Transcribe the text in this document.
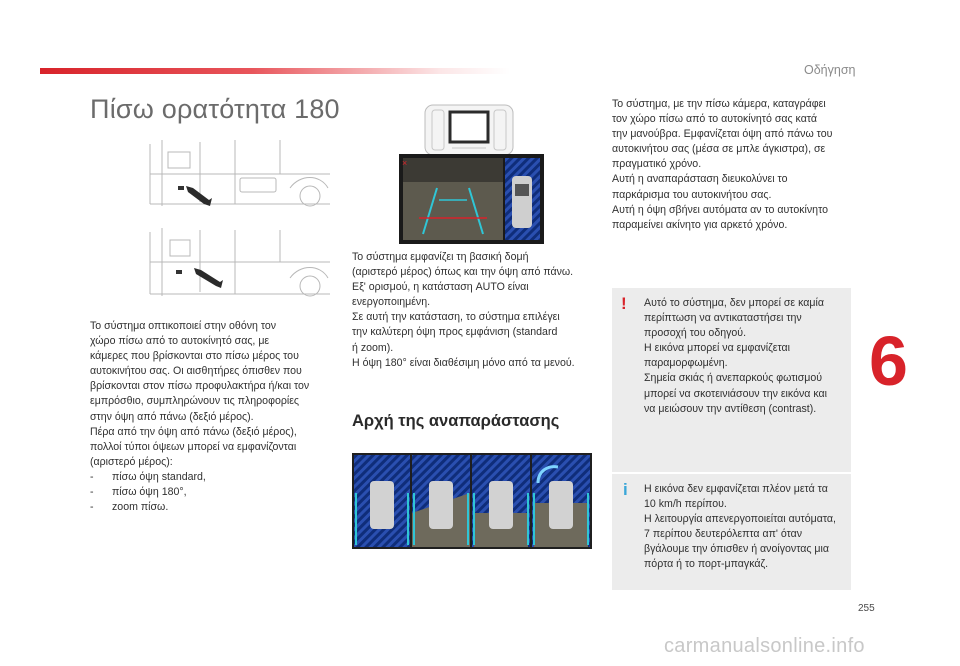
Οδήγηση
Πίσω ορατότητα 180
Το σύστημα οπτικοποιεί στην οθόνη τον
χώρο πίσω από το αυτοκίνητό σας, με
κάμερες που βρίσκονται στο πίσω μέρος του
αυτοκινήτου σας. Οι αισθητήρες όπισθεν που
βρίσκονται στον πίσω προφυλακτήρα ή/και τον
εμπρόσθιο, συμπληρώνουν τις πληροφορίες
στην όψη από πάνω (δεξιό μέρος).
Πέρα από την όψη από πάνω (δεξιό μέρος),
πολλοί τύποι όψεων μπορεί να εμφανίζονται
(αριστερό μέρος):
-	πίσω όψη standard,
-	πίσω όψη 180°,
-	zoom πίσω.
×
Το σύστημα εμφανίζει τη βασική δομή
(αριστερό μέρος) όπως και την όψη από πάνω.
Εξ' ορισμού, η κατάσταση AUTO είναι
ενεργοποιημένη.
Σε αυτή την κατάσταση, το σύστημα επιλέγει
την καλύτερη όψη προς εμφάνιση (standard
ή zoom).
Η όψη 180° είναι διαθέσιμη μόνο από τα μενού.
Αρχή της αναπαράστασης
Το σύστημα, με την πίσω κάμερα, καταγράφει
τον χώρο πίσω από το αυτοκίνητό σας κατά
την μανούβρα. Εμφανίζεται όψη από πάνω του
αυτοκινήτου σας (μέσα σε μπλε άγκιστρα), σε
πραγματικό χρόνο.
Αυτή η αναπαράσταση διευκολύνει το
παρκάρισμα του αυτοκινήτου σας.
Αυτή η όψη σβήνει αυτόματα αν το αυτοκίνητο
παραμείνει ακίνητο για αρκετό χρόνο.
! Αυτό το σύστημα, δεν μπορεί σε καμία
περίπτωση να αντικαταστήσει την
προσοχή του οδηγού.
Η εικόνα μπορεί να εμφανίζεται
παραμορφωμένη.
Σημεία σκιάς ή ανεπαρκούς φωτισμού
μπορεί να σκοτεινιάσουν την εικόνα και
να μειώσουν την αντίθεση (contrast).
i Η εικόνα δεν εμφανίζεται πλέον μετά τα
10 km/h περίπου.
Η λειτουργία απενεργοποιείται αυτόματα,
7 περίπου δευτερόλεπτα απ' όταν
βγάλουμε την όπισθεν ή ανοίγοντας μια
πόρτα ή το πορτ-μπαγκάζ.
6
255
carmanualsonline.info
